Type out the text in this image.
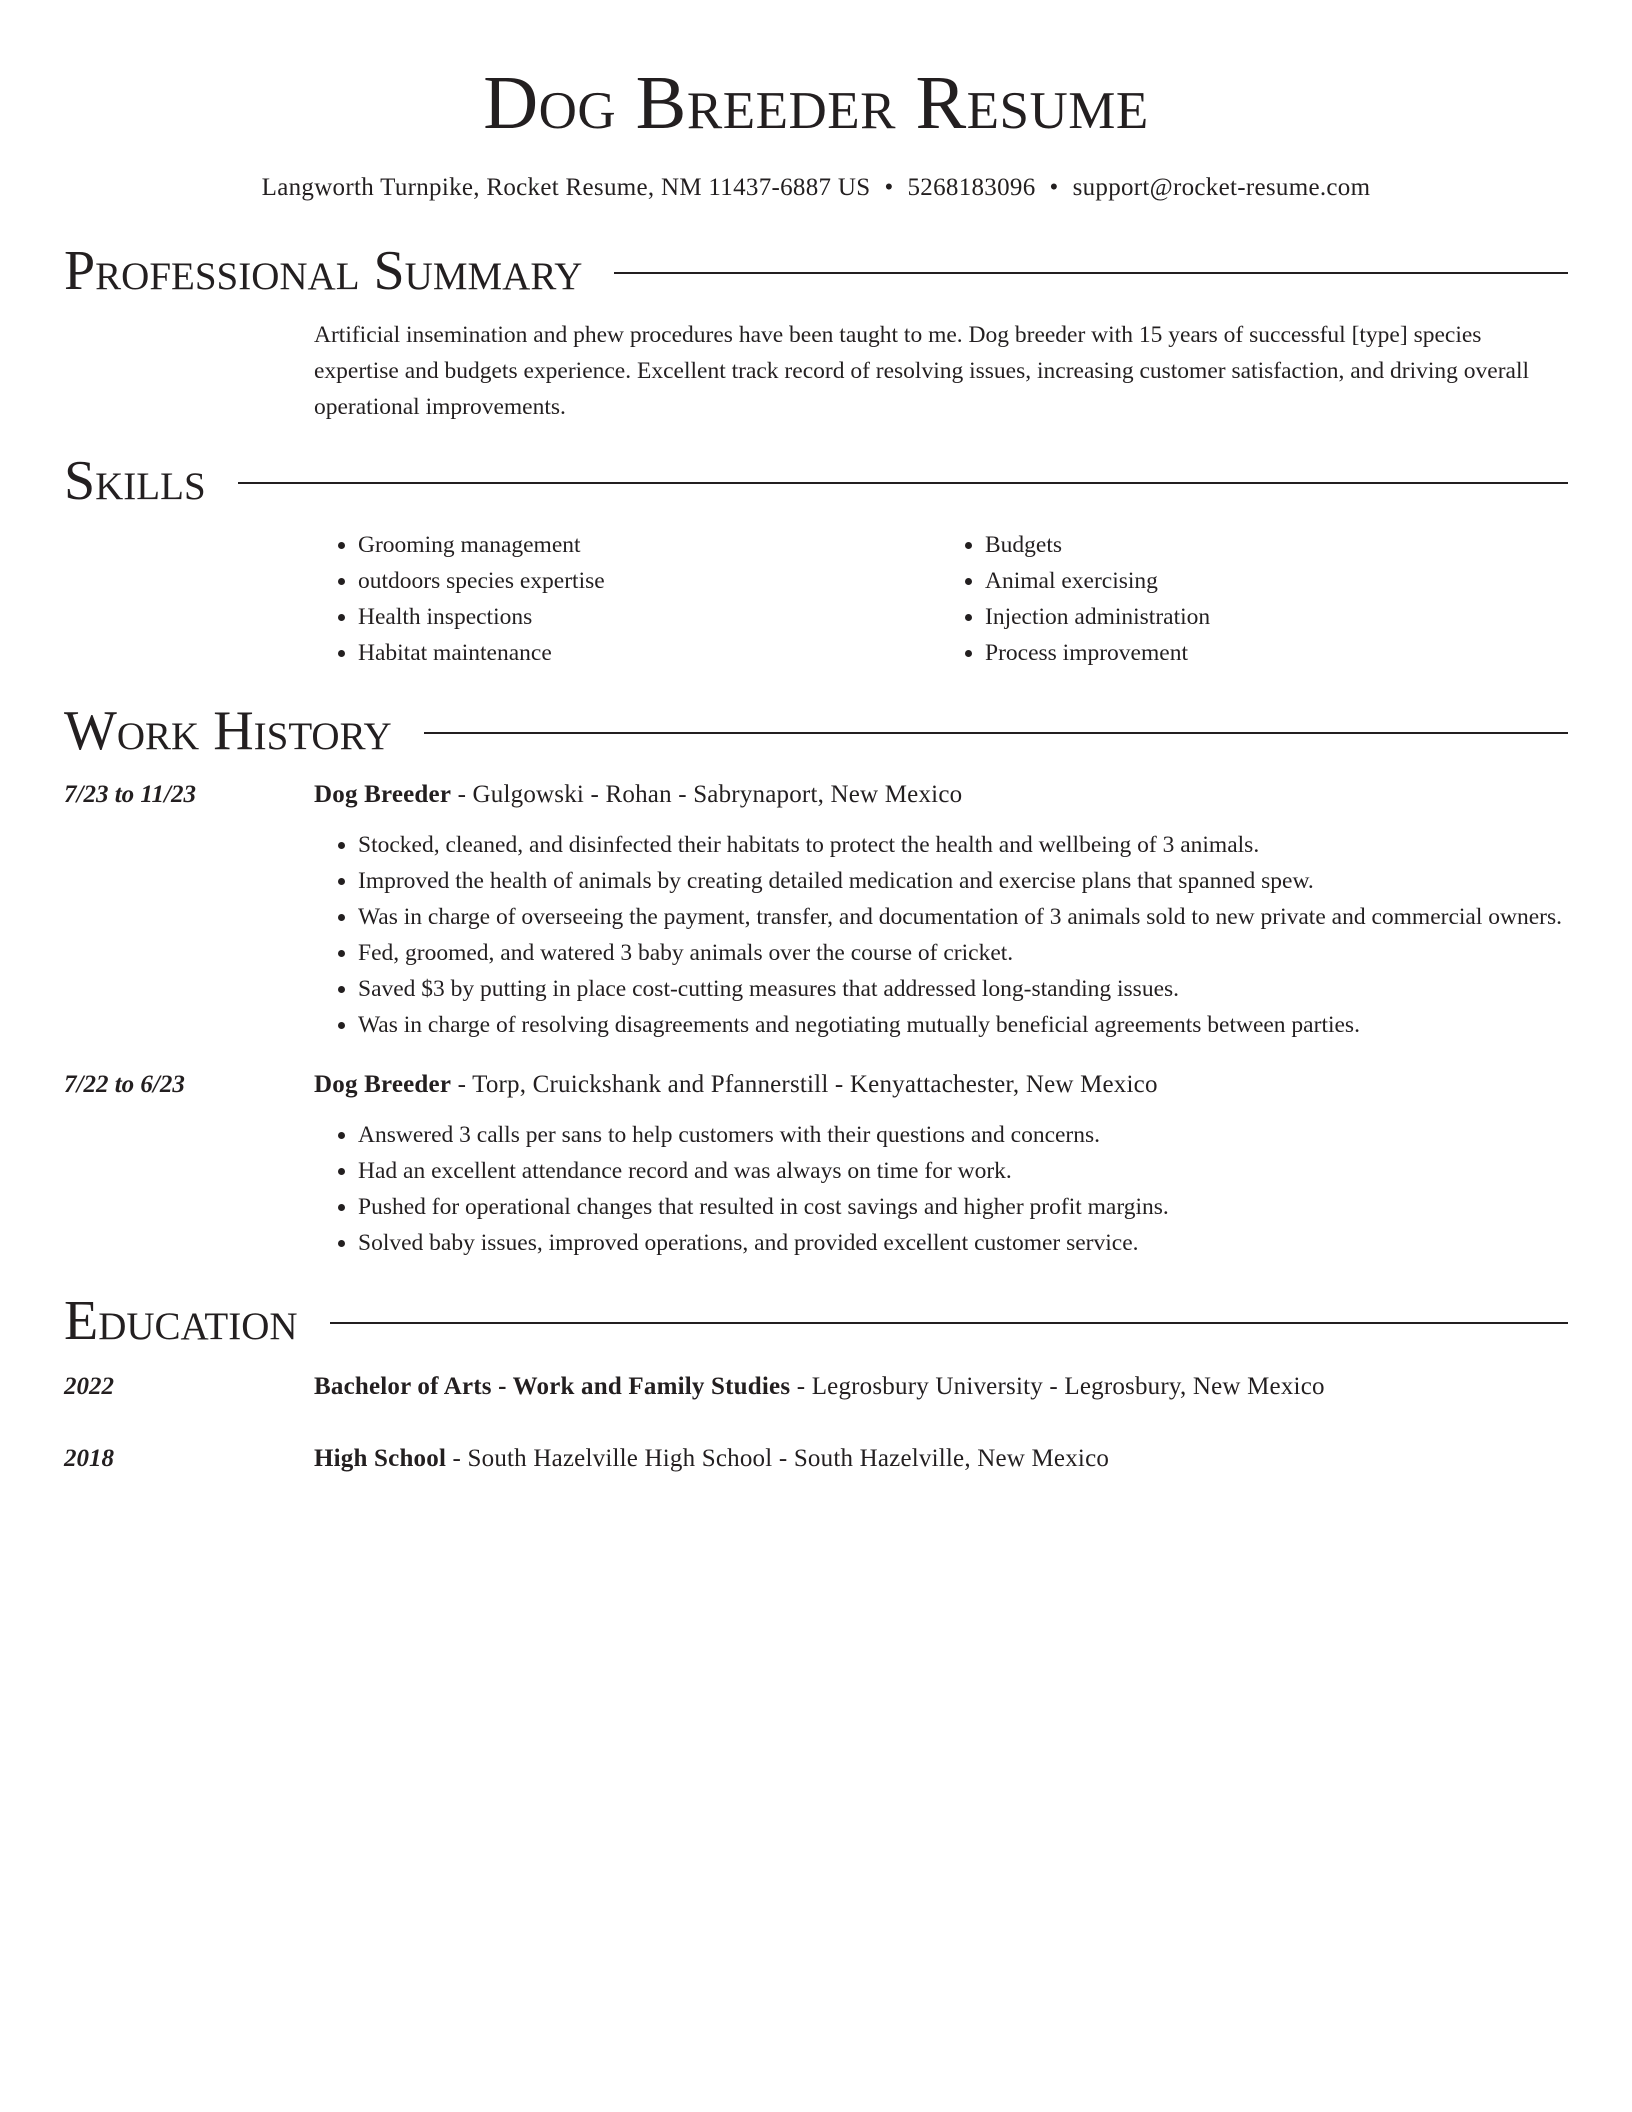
Dog Breeder Resume
Langworth Turnpike, Rocket Resume, NM 11437-6887 US • 5268183096 • support@rocket-resume.com
Professional Summary

Artificial insemination and phew procedures have been taught to me. Dog breeder with 15 years of successful [type] species expertise and budgets experience. Excellent track record of resolving issues, increasing customer satisfaction, and driving overall operational improvements.

Skills
• Grooming management
• outdoors species expertise
• Health inspections
• Habitat maintenance
• Budgets
• Animal exercising
• Injection administration
• Process improvement
Work History
7/23 to 11/23	Dog Breeder - Gulgowski - Rohan - Sabrynaport, New Mexico
• Stocked, cleaned, and disinfected their habitats to protect the health and wellbeing of 3 animals.
• Improved the health of animals by creating detailed medication and exercise plans that spanned spew.
• Was in charge of overseeing the payment, transfer, and documentation of 3 animals sold to new private and commercial owners.
• Fed, groomed, and watered 3 baby animals over the course of cricket.
• Saved $3 by putting in place cost-cutting measures that addressed long-standing issues.
• Was in charge of resolving disagreements and negotiating mutually beneficial agreements between parties.
7/22 to 6/23	Dog Breeder - Torp, Cruickshank and Pfannerstill - Kenyattachester, New Mexico
• Answered 3 calls per sans to help customers with their questions and concerns.
• Had an excellent attendance record and was always on time for work.
• Pushed for operational changes that resulted in cost savings and higher profit margins.
• Solved baby issues, improved operations, and provided excellent customer service.
Education
2022	Bachelor of Arts - Work and Family Studies - Legrosbury University - Legrosbury, New Mexico
2018	High School - South Hazelville High School - South Hazelville, New Mexico
